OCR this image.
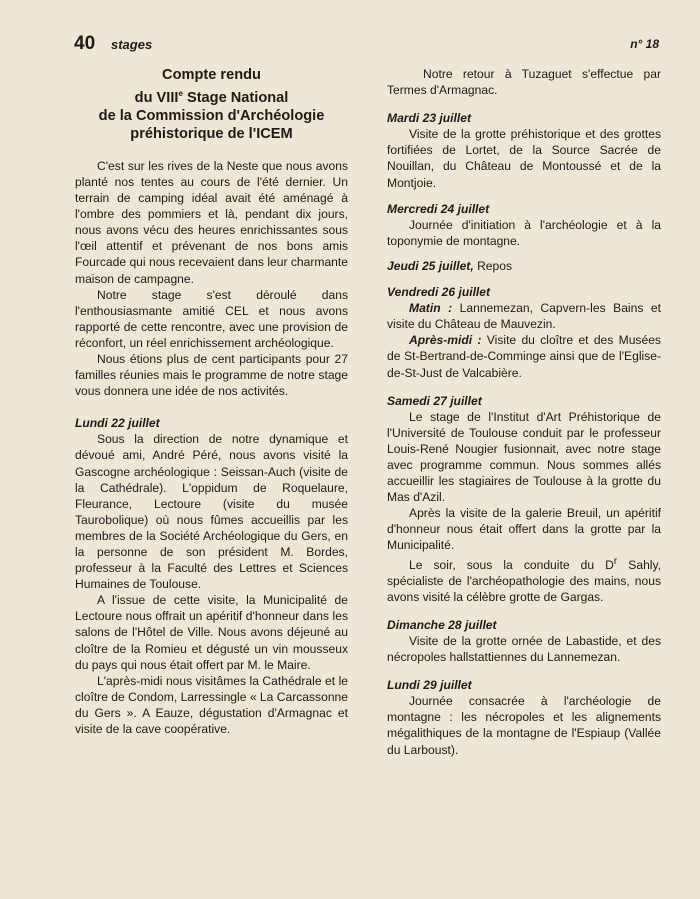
40 stages	n° 18
Compte rendu
du VIIIe Stage National
de la Commission d'Archéologie
préhistorique de l'ICEM

C'est sur les rives de la Neste que nous avons planté nos tentes au cours de l'été dernier. Un terrain de camping idéal avait été aménagé à l'ombre des pommiers et là, pendant dix jours, nous avons vécu des heures enrichissantes sous l'œil attentif et prévenant de nos bons amis Fourcade qui nous recevaient dans leur charmante maison de campagne.

Notre stage s'est déroulé dans l'enthousiasmante amitié CEL et nous avons rapporté de cette rencontre, avec une provision de réconfort, un réel enrichissement archéologique.

Nous étions plus de cent participants pour 27 familles réunies mais le programme de notre stage vous donnera une idée de nos activités.

Lundi 22 juillet

Sous la direction de notre dynamique et dévoué ami, André Péré, nous avons visité la Gascogne archéologique : Seissan-Auch (visite de la Cathédrale). L'oppidum de Roquelaure, Fleurance, Lectoure (visite du musée Taurobolique) où nous fûmes accueillis par les membres de la Société Archéologique du Gers, en la personne de son président M. Bordes, professeur à la Faculté des Lettres et Sciences Humaines de Toulouse.

A l'issue de cette visite, la Municipalité de Lectoure nous offrait un apéritif d'honneur dans les salons de l'Hôtel de Ville. Nous avons déjeuné au cloître de la Romieu et dégusté un vin mousseux du pays qui nous était offert par M. le Maire.

L'après-midi nous visitâmes la Cathédrale et le cloître de Condom, Larressingle « La Carcassonne du Gers ». A Eauze, dégustation d'Armagnac et visite de la cave coopérative.

Notre retour à Tuzaguet s'effectue par Termes d'Armagnac.

Mardi 23 juillet

Visite de la grotte préhistorique et des grottes fortifiées de Lortet, de la Source Sacrée de Nouillan, du Château de Montoussé et de la Montjoie.

Mercredi 24 juillet

Journée d'initiation à l'archéologie et à la toponymie de montagne.

Jeudi 25 juillet, Repos

Vendredi 26 juillet

Matin : Lannemezan, Capvern-les Bains et visite du Château de Mauvezin.

Après-midi : Visite du cloître et des Musées de St-Bertrand-de-Comminge ainsi que de l'Eglise-de-St-Just de Valcabière.

Samedi 27 juillet

Le stage de l'Institut d'Art Préhistorique de l'Université de Toulouse conduit par le professeur Louis-René Nougier fusionnait, avec notre stage avec programme commun. Nous sommes allés accueillir les stagiaires de Toulouse à la grotte du Mas d'Azil.

Après la visite de la galerie Breuil, un apéritif d'honneur nous était offert dans la grotte par la Municipalité.

Le soir, sous la conduite du $D^r$ Sahly, spécialiste de l'archéopathologie des mains, nous avons visité la célèbre grotte de Gargas.

Dimanche 28 juillet

Visite de la grotte ornée de Labastide, et des nécropoles hallstattiennes du Lannemezan.

Lundi 29 juillet

Journée consacrée à l'archéologie de montagne : les nécropoles et les alignements mégalithiques de la montagne de l'Espiaup (Vallée du Larboust).
